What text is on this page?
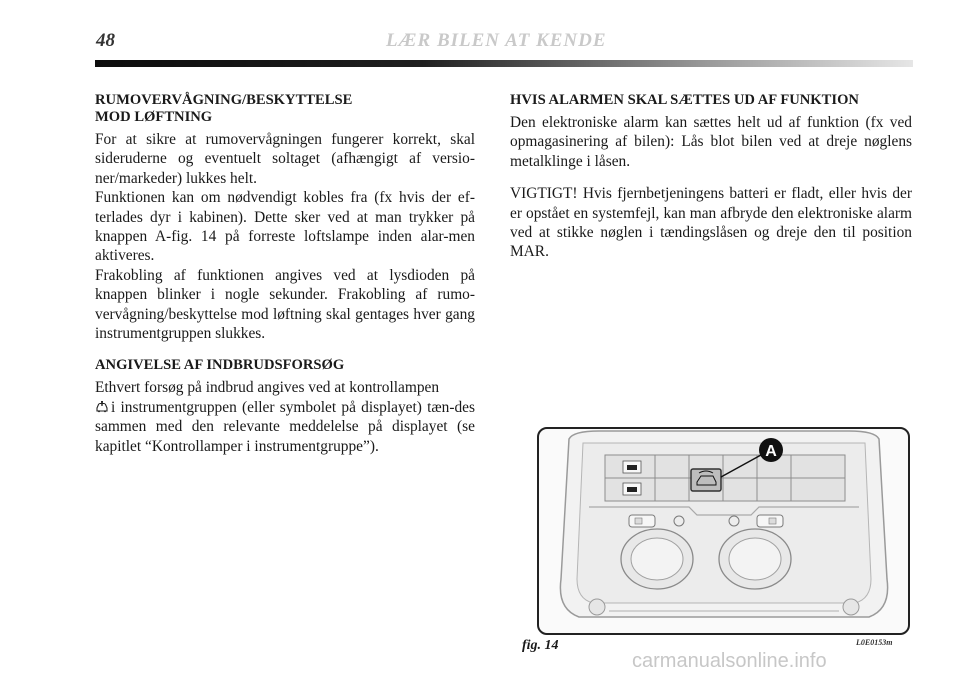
48	LÆR BILEN AT KENDE
RUMOVERVÅGNING/BESKYTTELSE
MOD LØFTNING

For at sikre at rumovervågningen fungerer korrekt, skal sideruderne og eventuelt soltaget (afhængigt af versio-ner/markeder) lukkes helt.

Funktionen kan om nødvendigt kobles fra (fx hvis der ef-terlades dyr i kabinen). Dette sker ved at man trykker på knappen A-fig. 14 på forreste loftslampe inden alar-men aktiveres.

Frakobling af funktionen angives ved at lysdioden på knappen blinker i nogle sekunder. Frakobling af rumo-vervågning/beskyttelse mod løftning skal gentages hver gang instrumentgruppen slukkes.

ANGIVELSE AF INDBRUDSFORSØG

Ethvert forsøg på indbrud angives ved at kontrollampen
i instrumentgruppen (eller symbolet på displayet) tæn-des sammen med den relevante meddelelse på displayet (se kapitlet “Kontrollamper i instrumentgruppe”).

HVIS ALARMEN SKAL SÆTTES UD AF FUNKTION

Den elektroniske alarm kan sættes helt ud af funktion (fx ved opmagasinering af bilen): Lås blot bilen ved at dreje nøglens metalklinge i låsen.

VIGTIGT! Hvis fjernbetjeningens batteri er fladt, eller hvis der er opstået en systemfejl, kan man afbryde den elektroniske alarm ved at stikke nøglen i tændingslåsen og dreje den til position MAR.

A
fig. 14	L0E0153m
carmanualsonline.info
